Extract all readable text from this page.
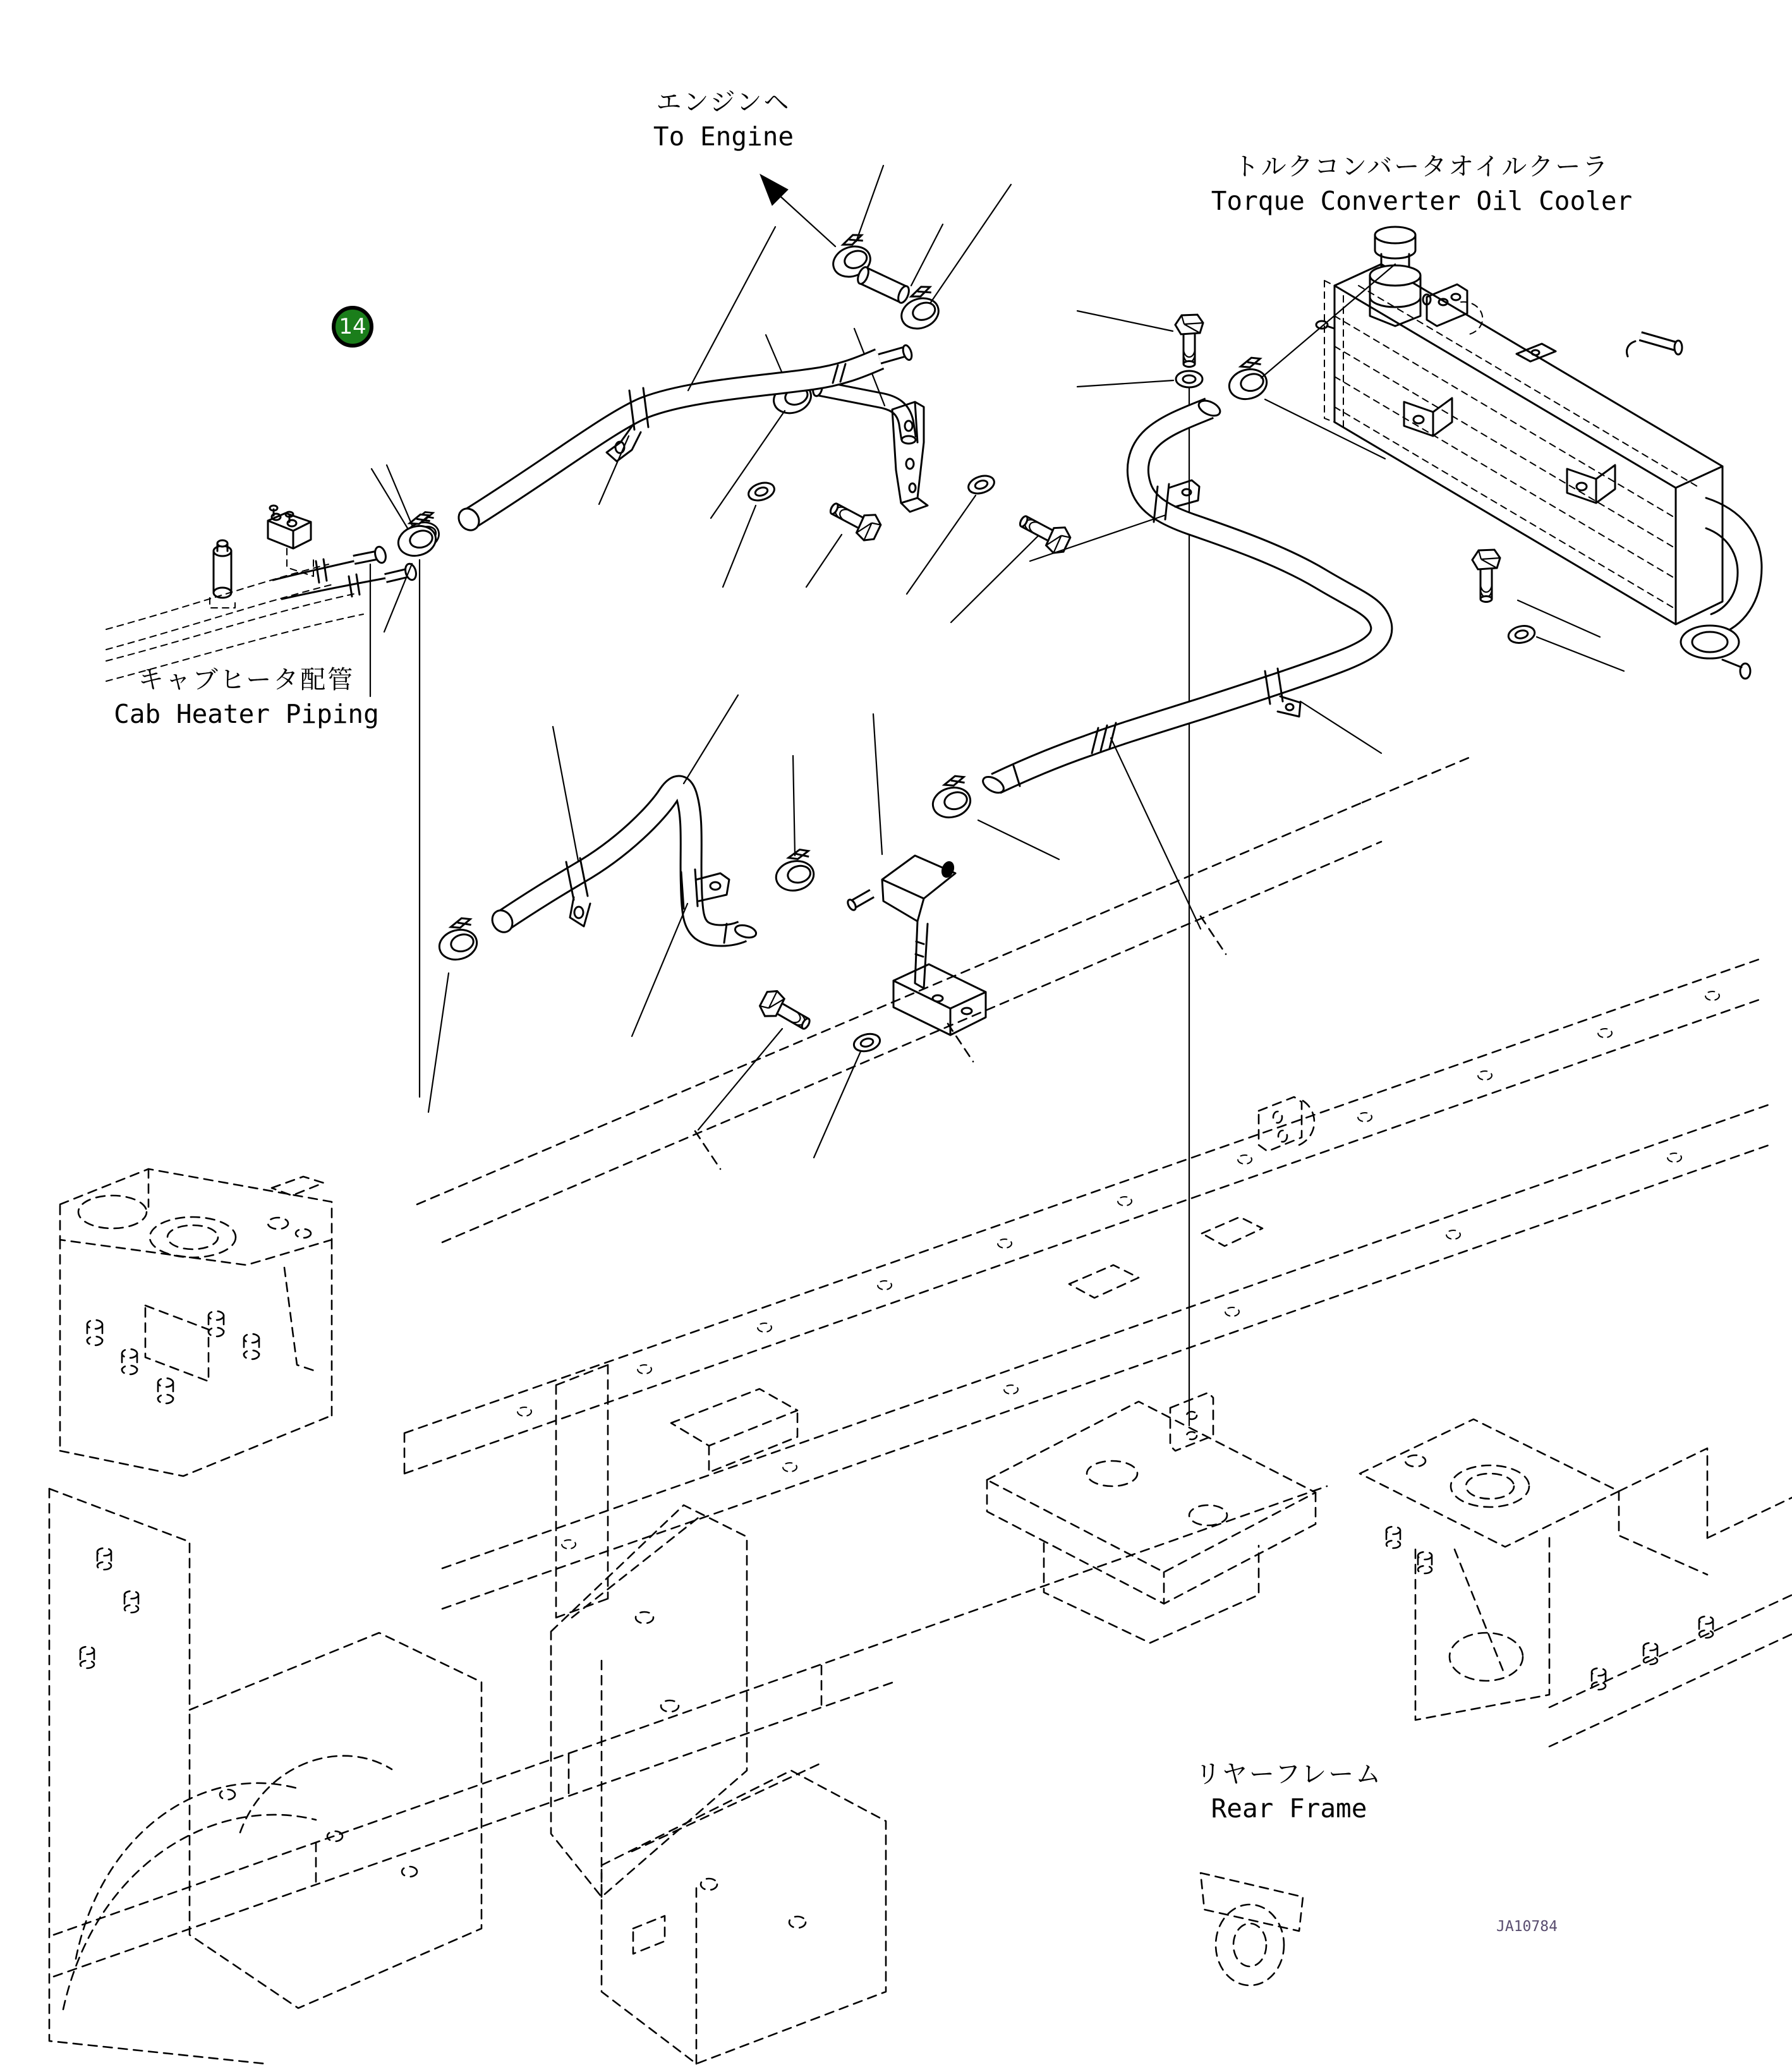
エンジンヘ
To Engine
トルクコンバータオイルクーラ
Torque Converter Oil Cooler
キャブヒータ配管
Cab Heater Piping
リヤーフレーム
Rear Frame
14
JA10784
